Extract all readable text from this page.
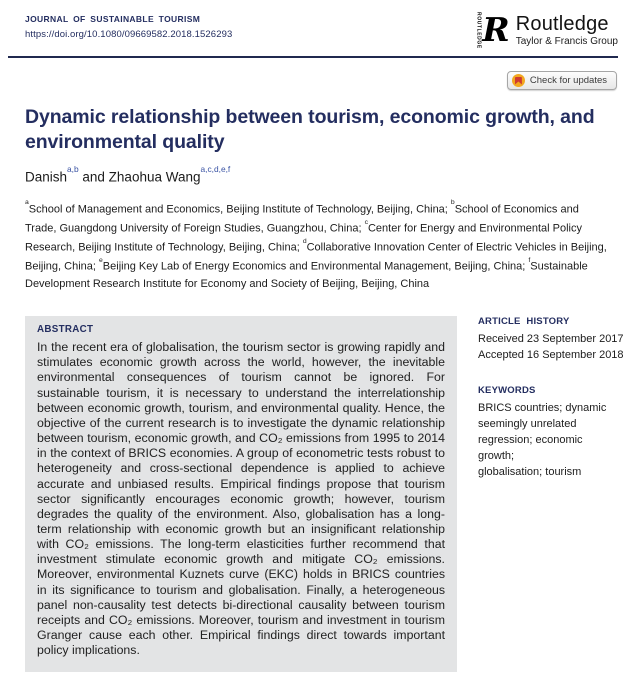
JOURNAL OF SUSTAINABLE TOURISM
https://doi.org/10.1080/09669582.2018.1526293	ROUTLEDGE R Routledge
Taylor & Francis Group
Check for updates
Dynamic relationship between tourism, economic growth, and environmental quality
Danish$^{a,b}$ and Zhaohua Wang$^{a,c,d,e,f}$
$^a$School of Management and Economics, Beijing Institute of Technology, Beijing, China; $^b$School of Economics and Trade, Guangdong University of Foreign Studies, Guangzhou, China; $^c$Center for Energy and Environmental Policy Research, Beijing Institute of Technology, Beijing, China; $^d$Collaborative Innovation Center of Electric Vehicles in Beijing, Beijing, China; $^e$Beijing Key Lab of Energy Economics and Environmental Management, Beijing, China; $^f$Sustainable Development Research Institute for Economy and Society of Beijing, Beijing, China
ABSTRACT
In the recent era of globalisation, the tourism sector is growing rapidly and stimulates economic growth across the world, however, the inevitable environmental consequences of tourism cannot be ignored. For sustainable tourism, it is necessary to understand the interrelationship between economic growth, tourism, and environmental quality. Hence, the objective of the current research is to investigate the dynamic relationship between tourism, economic growth, and CO₂ emissions from 1995 to 2014 in the context of BRICS economies. A group of econometric tests robust to heterogeneity and cross-sectional dependence is applied to achieve accurate and unbiased results. Empirical findings propose that tourism sector significantly encourages economic growth; however, tourism degrades the quality of the environment. Also, globalisation has a long-term relationship with economic growth but an insignificant relationship with CO₂ emissions. The long-term elasticities further recommend that investment stimulate economic growth and mitigate CO₂ emissions. Moreover, environmental Kuznets curve (EKC) holds in BRICS countries in its significance to tourism and globalisation. Finally, a heterogeneous panel non-causality test detects bi-directional causality between tourism receipts and CO₂ emissions. Moreover, tourism and investment in tourism Granger cause each other. Empirical findings direct towards important policy implications.
ARTICLE HISTORY
Received 23 September 2017
Accepted 16 September 2018
KEYWORDS
BRICS countries; dynamic
seemingly unrelated
regression; economic
growth;
globalisation; tourism
